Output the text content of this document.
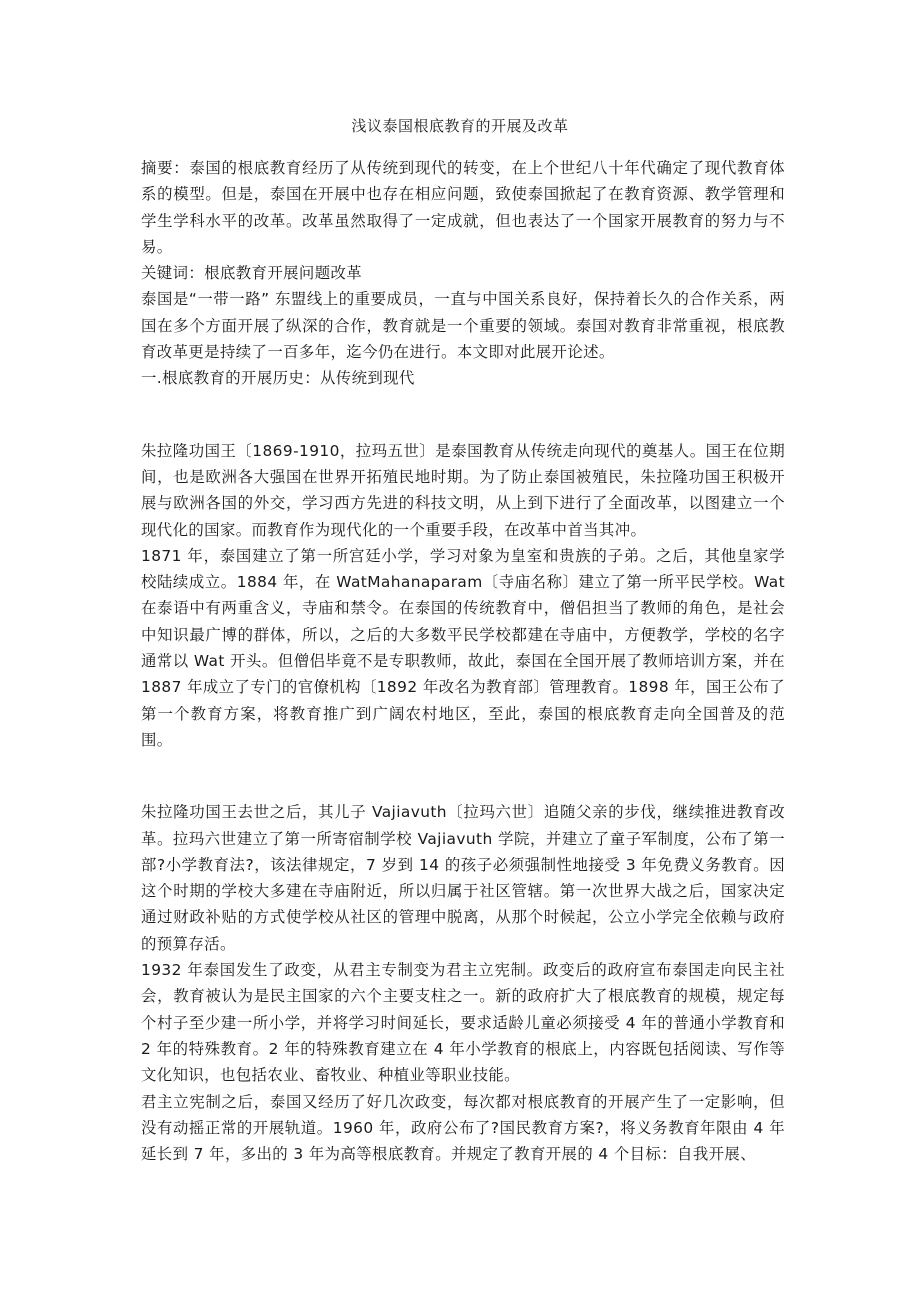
浅议泰国根底教育的开展及改革

摘要：泰国的根底教育经历了从传统到现代的转变，在上个世纪八十年代确定了现代教育体系的模型。但是，泰国在开展中也存在相应问题，致使泰国掀起了在教育资源、教学管理和学生学科水平的改革。改革虽然取得了一定成就，但也表达了一个国家开展教育的努力与不易。

关键词：根底教育开展问题改革

泰国是“一带一路” 东盟线上的重要成员，一直与中国关系良好，保持着长久的合作关系，两国在多个方面开展了纵深的合作，教育就是一个重要的领域。泰国对教育非常重视，根底教育改革更是持续了一百多年，迄今仍在进行。本文即对此展开论述。

一.根底教育的开展历史：从传统到现代

朱拉隆功国王〔1869-1910，拉玛五世〕是泰国教育从传统走向现代的奠基人。国王在位期间，也是欧洲各大强国在世界开拓殖民地时期。为了防止泰国被殖民，朱拉隆功国王积极开展与欧洲各国的外交，学习西方先进的科技文明，从上到下进行了全面改革，以图建立一个现代化的国家。而教育作为现代化的一个重要手段，在改革中首当其冲。

1871 年，泰国建立了第一所宫廷小学，学习对象为皇室和贵族的子弟。之后，其他皇家学校陆续成立。1884 年，在 WatMahanaparam〔寺庙名称〕建立了第一所平民学校。Wat 在泰语中有两重含义，寺庙和禁令。在泰国的传统教育中，僧侣担当了教师的角色，是社会中知识最广博的群体，所以，之后的大多数平民学校都建在寺庙中，方便教学，学校的名字通常以 Wat 开头。但僧侣毕竟不是专职教师，故此，泰国在全国开展了教师培训方案，并在 1887 年成立了专门的官僚机构〔1892 年改名为教育部〕管理教育。1898 年，国王公布了第一个教育方案，将教育推广到广阔农村地区，至此，泰国的根底教育走向全国普及的范围。

朱拉隆功国王去世之后，其儿子 Vajiavuth〔拉玛六世〕追随父亲的步伐，继续推进教育改革。拉玛六世建立了第一所寄宿制学校 Vajiavuth 学院，并建立了童子军制度，公布了第一部?小学教育法?，该法律规定，7 岁到 14 的孩子必须强制性地接受 3 年免费义务教育。因这个时期的学校大多建在寺庙附近，所以归属于社区管辖。第一次世界大战之后，国家决定通过财政补贴的方式使学校从社区的管理中脱离，从那个时候起，公立小学完全依赖与政府的预算存活。

1932 年泰国发生了政变，从君主专制变为君主立宪制。政变后的政府宣布泰国走向民主社会，教育被认为是民主国家的六个主要支柱之一。新的政府扩大了根底教育的规模，规定每个村子至少建一所小学，并将学习时间延长，要求适龄儿童必须接受 4 年的普通小学教育和 2 年的特殊教育。2 年的特殊教育建立在 4 年小学教育的根底上，内容既包括阅读、写作等文化知识，也包括农业、畜牧业、种植业等职业技能。

君主立宪制之后，泰国又经历了好几次政变，每次都对根底教育的开展产生了一定影响，但没有动摇正常的开展轨道。1960 年，政府公布了?国民教育方案?，将义务教育年限由 4 年延长到 7 年，多出的 3 年为高等根底教育。并规定了教育开展的 4 个目标：自我开展、
